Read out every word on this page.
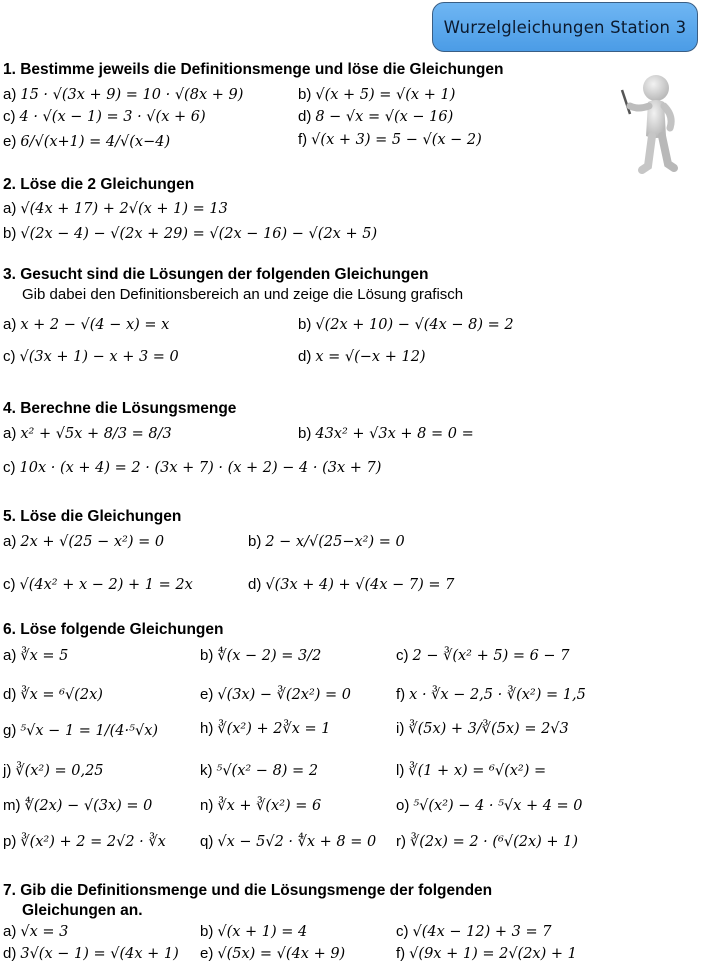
Wurzelgleichungen Station 3
1. Bestimme jeweils die Definitionsmenge und löse die Gleichungen
a) 15 · √(3x + 9) = 10 · √(8x + 9)	b) √(x + 5) = √(x + 1)
c) 4 · √(x − 1) = 3 · √(x + 6)	d) 8 − √x = √(x − 16)
e) 6/√(x+1) = 4/√(x−4)	f) √(x + 3) = 5 − √(x − 2)
2. Löse die 2 Gleichungen
a) √(4x + 17) + 2√(x + 1) = 13
b) √(2x − 4) − √(2x + 29) = √(2x − 16) − √(2x + 5)
3. Gesucht sind die Lösungen der folgenden Gleichungen
Gib dabei den Definitionsbereich an und zeige die Lösung grafisch
a) x + 2 − √(4 − x) = x	b) √(2x + 10) − √(4x − 8) = 2
c) √(3x + 1) − x + 3 = 0	d) x = √(−x + 12)
4. Berechne die Lösungsmenge
a) x² + √5x + 8/3 = 8/3	b) 43x² + √3x + 8 = 0 =
c) 10x · (x + 4) = 2 · (3x + 7) · (x + 2) − 4 · (3x + 7)
5. Löse die Gleichungen
a) 2x + √(25 − x²) = 0	b) 2 − x/√(25−x²) = 0
c) √(4x² + x − 2) + 1 = 2x	d) √(3x + 4) + √(4x − 7) = 7
6. Löse folgende Gleichungen
a) ∛x = 5	b) ∜(x − 2) = 3/2	c) 2 − ∛(x² + 5) = 6 − 7
d) ∛x = ⁶√(2x)	e) √(3x) − ∛(2x²) = 0	f) x · ∛x − 2,5 · ∛(x²) = 1,5
g) ⁵√x − 1 = 1/(4·⁵√x)	h) ∛(x²) + 2∛x = 1	i) ∛(5x) + 3/∛(5x) = 2√3
j) ∛(x²) = 0,25	k) ⁵√(x² − 8) = 2	l) ∛(1 + x) = ⁶√(x²) =
m) ∜(2x) − √(3x) = 0	n) ∛x + ∛(x²) = 6	o) ⁵√(x²) − 4 · ⁵√x + 4 = 0
p) ∛(x²) + 2 = 2√2 · ∛x q) √x − 5√2 · ∜x + 8 = 0 r) ∛(2x) = 2 · (⁶√(2x) + 1)
7. Gib die Definitionsmenge und die Lösungsmenge der folgenden
Gleichungen an.
a) √x = 3	b) √(x + 1) = 4	c) √(4x − 12) + 3 = 7
d) 3√(x − 1) = √(4x + 1) e) √(5x) = √(4x + 9)	f) √(9x + 1) = 2√(2x) + 1
